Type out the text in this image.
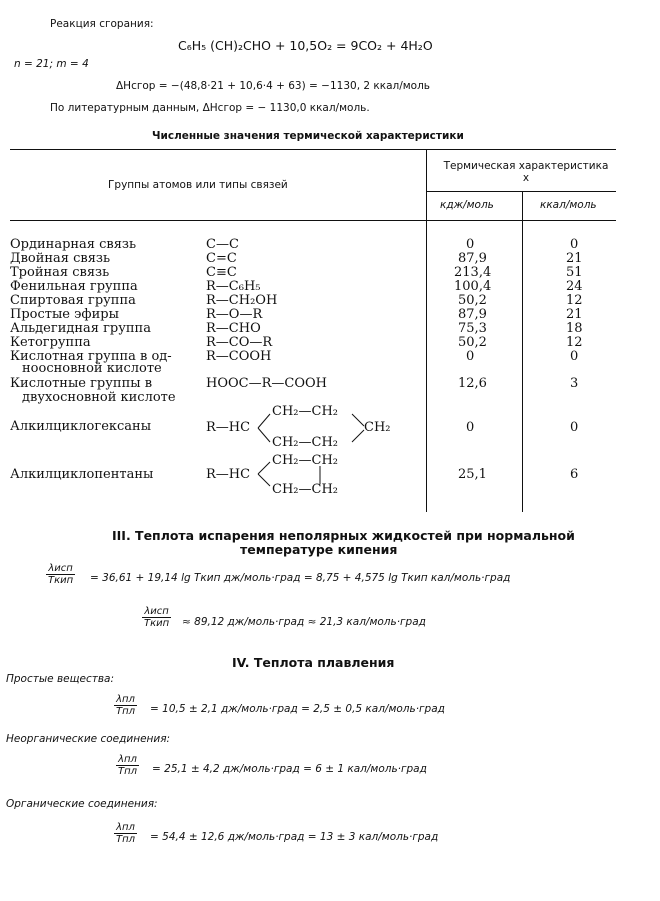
Реакция сгорания:
C₆H₅ (CH)₂CHO + 10,5O₂ = 9CO₂ + 4H₂O
n = 21; m = 4
ΔHсгор = −(48,8·21 + 10,6·4 + 63) = −1130, 2 ккал/моль
По литературным данным, ΔHсгор = − 1130,0 ккал/моль.
Численные значения термической характеристики
Группы атомов или типы связей
Термическая характеристика x
кдж/моль	ккал/моль
Ординарная связь	C—C	0	0
Двойная связь	C=C	87,9	21
Тройная связь	C≡C	213,4	51
Фенильная группа	R—C₆H₅	100,4	24
Спиртовая группа	R—CH₂OH	50,2	12
Простые эфиры	R—O—R	87,9	21
Альдегидная группа	R—CHO	75,3	18
Кетогруппа	R—CO—R	50,2	12
Кислотная группа в од-
ноосновной кислоте
R—COOH	0	0
Кислотные группы в
двухосновной кислоте
HOOC—R—COOH	12,6	3
Алкилциклогексаны	R—HC
CH₂—CH₂
CH₂—CH₂
CH₂	0	0
Алкилциклопентаны	R—HC
CH₂—CH₂
CH₂—CH₂
25,1	6
III. Теплота испарения неполярных жидкостей при нормальной
температуре кипения
λисп
Tкип = 36,61 + 19,14 lg Tкип дж/моль·град = 8,75 + 4,575 lg Tкип кал/моль·град
λисп
Tкип ≈ 89,12 дж/моль·град ≈ 21,3 кал/моль·град
IV. Теплота плавления
Простые вещества:
λпл
Tпл = 10,5 ± 2,1 дж/моль·град = 2,5 ± 0,5 кал/моль·град
Неорганические соединения:
λпл
Tпл = 25,1 ± 4,2 дж/моль·град = 6 ± 1 кал/моль·град
Органические соединения:
λпл
Tпл = 54,4 ± 12,6 дж/моль·град = 13 ± 3 кал/моль·град
